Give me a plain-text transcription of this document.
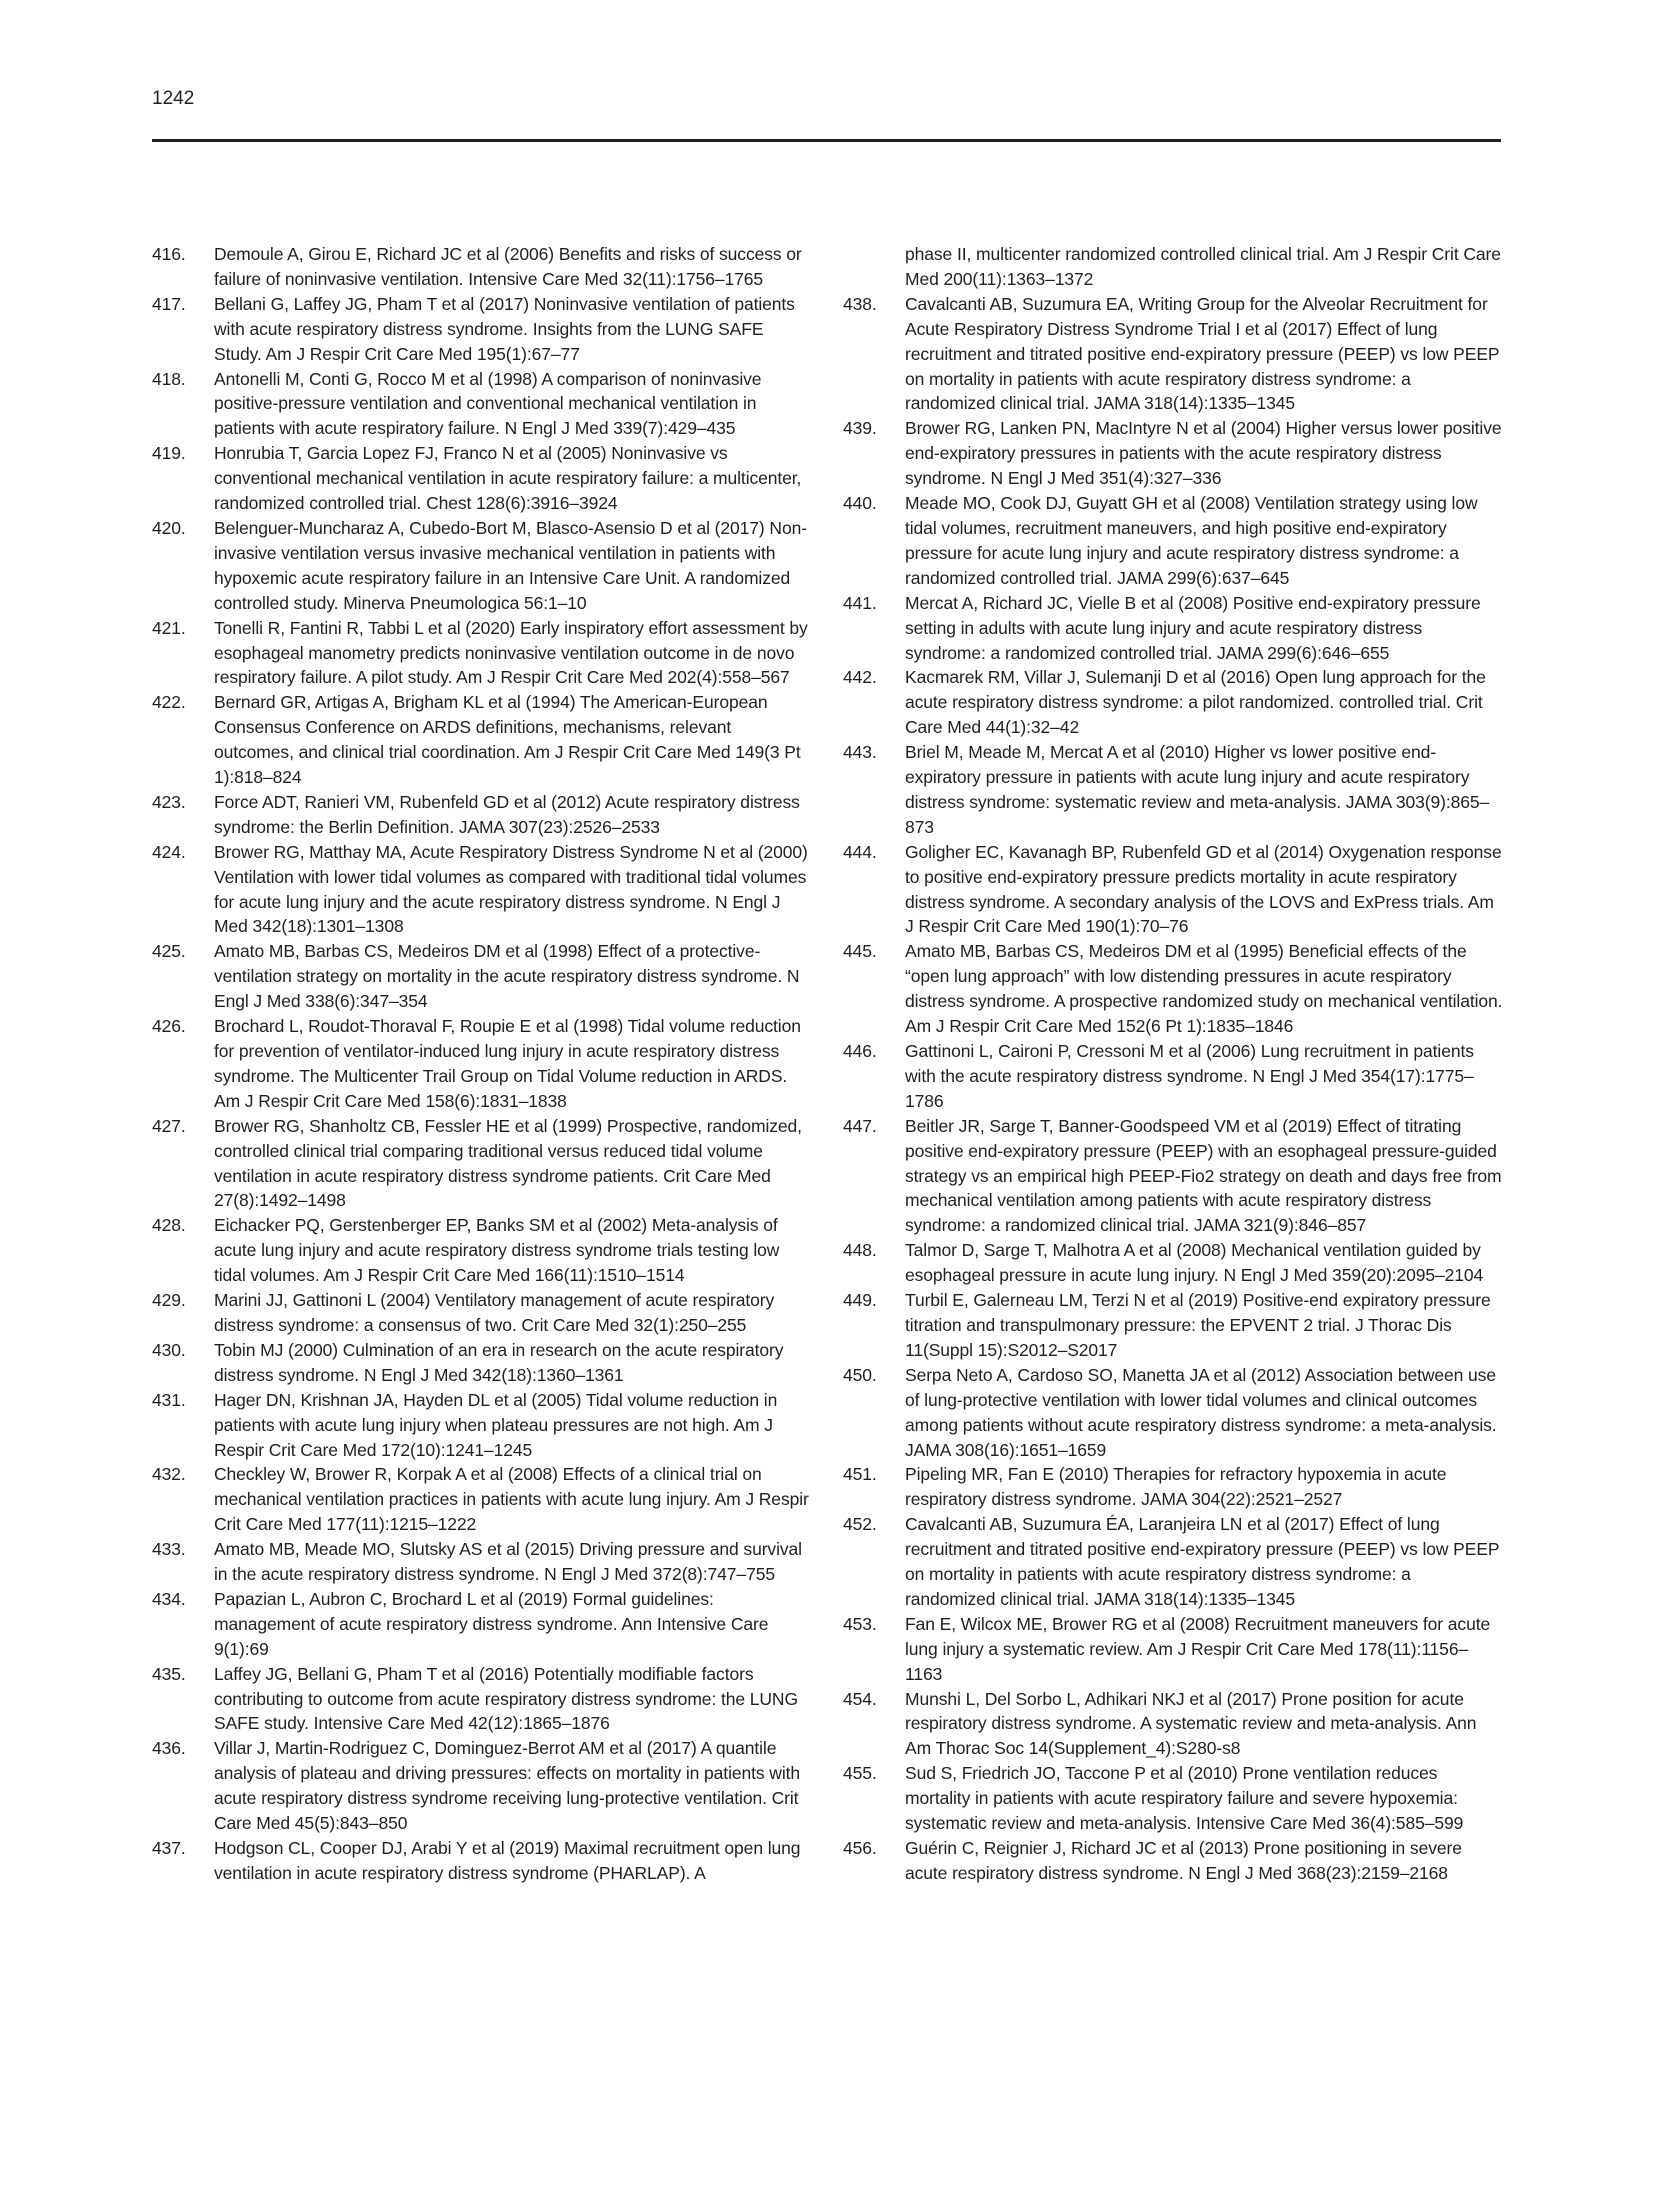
1242
416.	Demoule A, Girou E, Richard JC et al (2006) Benefits and risks of success or failure of noninvasive ventilation. Intensive Care Med 32(11):1756–1765
417.	Bellani G, Laffey JG, Pham T et al (2017) Noninvasive ventilation of patients with acute respiratory distress syndrome. Insights from the LUNG SAFE Study. Am J Respir Crit Care Med 195(1):67–77
418.	Antonelli M, Conti G, Rocco M et al (1998) A comparison of noninvasive positive-pressure ventilation and conventional mechanical ventilation in patients with acute respiratory failure. N Engl J Med 339(7):429–435
419.	Honrubia T, Garcia Lopez FJ, Franco N et al (2005) Noninvasive vs conventional mechanical ventilation in acute respiratory failure: a multicenter, randomized controlled trial. Chest 128(6):3916–3924
420.	Belenguer-Muncharaz A, Cubedo-Bort M, Blasco-Asensio D et al (2017) Non-invasive ventilation versus invasive mechanical ventilation in patients with hypoxemic acute respiratory failure in an Intensive Care Unit. A randomized controlled study. Minerva Pneumologica 56:1–10
421.	Tonelli R, Fantini R, Tabbi L et al (2020) Early inspiratory effort assessment by esophageal manometry predicts noninvasive ventilation outcome in de novo respiratory failure. A pilot study. Am J Respir Crit Care Med 202(4):558–567
422.	Bernard GR, Artigas A, Brigham KL et al (1994) The American-European Consensus Conference on ARDS definitions, mechanisms, relevant outcomes, and clinical trial coordination. Am J Respir Crit Care Med 149(3 Pt 1):818–824
423.	Force ADT, Ranieri VM, Rubenfeld GD et al (2012) Acute respiratory distress syndrome: the Berlin Definition. JAMA 307(23):2526–2533
424.	Brower RG, Matthay MA, Acute Respiratory Distress Syndrome N et al (2000) Ventilation with lower tidal volumes as compared with traditional tidal volumes for acute lung injury and the acute respiratory distress syndrome. N Engl J Med 342(18):1301–1308
425.	Amato MB, Barbas CS, Medeiros DM et al (1998) Effect of a protective-ventilation strategy on mortality in the acute respiratory distress syndrome. N Engl J Med 338(6):347–354
426.	Brochard L, Roudot-Thoraval F, Roupie E et al (1998) Tidal volume reduction for prevention of ventilator-induced lung injury in acute respiratory distress syndrome. The Multicenter Trail Group on Tidal Volume reduction in ARDS. Am J Respir Crit Care Med 158(6):1831–1838
427.	Brower RG, Shanholtz CB, Fessler HE et al (1999) Prospective, randomized, controlled clinical trial comparing traditional versus reduced tidal volume ventilation in acute respiratory distress syndrome patients. Crit Care Med 27(8):1492–1498
428.	Eichacker PQ, Gerstenberger EP, Banks SM et al (2002) Meta-analysis of acute lung injury and acute respiratory distress syndrome trials testing low tidal volumes. Am J Respir Crit Care Med 166(11):1510–1514
429.	Marini JJ, Gattinoni L (2004) Ventilatory management of acute respiratory distress syndrome: a consensus of two. Crit Care Med 32(1):250–255
430.	Tobin MJ (2000) Culmination of an era in research on the acute respiratory distress syndrome. N Engl J Med 342(18):1360–1361
431.	Hager DN, Krishnan JA, Hayden DL et al (2005) Tidal volume reduction in patients with acute lung injury when plateau pressures are not high. Am J Respir Crit Care Med 172(10):1241–1245
432.	Checkley W, Brower R, Korpak A et al (2008) Effects of a clinical trial on mechanical ventilation practices in patients with acute lung injury. Am J Respir Crit Care Med 177(11):1215–1222
433.	Amato MB, Meade MO, Slutsky AS et al (2015) Driving pressure and survival in the acute respiratory distress syndrome. N Engl J Med 372(8):747–755
434.	Papazian L, Aubron C, Brochard L et al (2019) Formal guidelines: management of acute respiratory distress syndrome. Ann Intensive Care 9(1):69
435.	Laffey JG, Bellani G, Pham T et al (2016) Potentially modifiable factors contributing to outcome from acute respiratory distress syndrome: the LUNG SAFE study. Intensive Care Med 42(12):1865–1876
436.	Villar J, Martin-Rodriguez C, Dominguez-Berrot AM et al (2017) A quantile analysis of plateau and driving pressures: effects on mortality in patients with acute respiratory distress syndrome receiving lung-protective ventilation. Crit Care Med 45(5):843–850
437.	Hodgson CL, Cooper DJ, Arabi Y et al (2019) Maximal recruitment open lung ventilation in acute respiratory distress syndrome (PHARLAP). A
phase II, multicenter randomized controlled clinical trial. Am J Respir Crit Care Med 200(11):1363–1372
438.	Cavalcanti AB, Suzumura EA, Writing Group for the Alveolar Recruitment for Acute Respiratory Distress Syndrome Trial I et al (2017) Effect of lung recruitment and titrated positive end-expiratory pressure (PEEP) vs low PEEP on mortality in patients with acute respiratory distress syndrome: a randomized clinical trial. JAMA 318(14):1335–1345
439.	Brower RG, Lanken PN, MacIntyre N et al (2004) Higher versus lower positive end-expiratory pressures in patients with the acute respiratory distress syndrome. N Engl J Med 351(4):327–336
440.	Meade MO, Cook DJ, Guyatt GH et al (2008) Ventilation strategy using low tidal volumes, recruitment maneuvers, and high positive end-expiratory pressure for acute lung injury and acute respiratory distress syndrome: a randomized controlled trial. JAMA 299(6):637–645
441.	Mercat A, Richard JC, Vielle B et al (2008) Positive end-expiratory pressure setting in adults with acute lung injury and acute respiratory distress syndrome: a randomized controlled trial. JAMA 299(6):646–655
442.	Kacmarek RM, Villar J, Sulemanji D et al (2016) Open lung approach for the acute respiratory distress syndrome: a pilot randomized. controlled trial. Crit Care Med 44(1):32–42
443.	Briel M, Meade M, Mercat A et al (2010) Higher vs lower positive end-expiratory pressure in patients with acute lung injury and acute respiratory distress syndrome: systematic review and meta-analysis. JAMA 303(9):865–873
444.	Goligher EC, Kavanagh BP, Rubenfeld GD et al (2014) Oxygenation response to positive end-expiratory pressure predicts mortality in acute respiratory distress syndrome. A secondary analysis of the LOVS and ExPress trials. Am J Respir Crit Care Med 190(1):70–76
445.	Amato MB, Barbas CS, Medeiros DM et al (1995) Beneficial effects of the “open lung approach” with low distending pressures in acute respiratory distress syndrome. A prospective randomized study on mechanical ventilation. Am J Respir Crit Care Med 152(6 Pt 1):1835–1846
446.	Gattinoni L, Caironi P, Cressoni M et al (2006) Lung recruitment in patients with the acute respiratory distress syndrome. N Engl J Med 354(17):1775–1786
447.	Beitler JR, Sarge T, Banner-Goodspeed VM et al (2019) Effect of titrating positive end-expiratory pressure (PEEP) with an esophageal pressure-guided strategy vs an empirical high PEEP-Fio2 strategy on death and days free from mechanical ventilation among patients with acute respiratory distress syndrome: a randomized clinical trial. JAMA 321(9):846–857
448.	Talmor D, Sarge T, Malhotra A et al (2008) Mechanical ventilation guided by esophageal pressure in acute lung injury. N Engl J Med 359(20):2095–2104
449.	Turbil E, Galerneau LM, Terzi N et al (2019) Positive-end expiratory pressure titration and transpulmonary pressure: the EPVENT 2 trial. J Thorac Dis 11(Suppl 15):S2012–S2017
450.	Serpa Neto A, Cardoso SO, Manetta JA et al (2012) Association between use of lung-protective ventilation with lower tidal volumes and clinical outcomes among patients without acute respiratory distress syndrome: a meta-analysis. JAMA 308(16):1651–1659
451.	Pipeling MR, Fan E (2010) Therapies for refractory hypoxemia in acute respiratory distress syndrome. JAMA 304(22):2521–2527
452.	Cavalcanti AB, Suzumura ÉA, Laranjeira LN et al (2017) Effect of lung recruitment and titrated positive end-expiratory pressure (PEEP) vs low PEEP on mortality in patients with acute respiratory distress syndrome: a randomized clinical trial. JAMA 318(14):1335–1345
453.	Fan E, Wilcox ME, Brower RG et al (2008) Recruitment maneuvers for acute lung injury a systematic review. Am J Respir Crit Care Med 178(11):1156–1163
454.	Munshi L, Del Sorbo L, Adhikari NKJ et al (2017) Prone position for acute respiratory distress syndrome. A systematic review and meta-analysis. Ann Am Thorac Soc 14(Supplement_4):S280-s8
455.	Sud S, Friedrich JO, Taccone P et al (2010) Prone ventilation reduces mortality in patients with acute respiratory failure and severe hypoxemia: systematic review and meta-analysis. Intensive Care Med 36(4):585–599
456.	Guérin C, Reignier J, Richard JC et al (2013) Prone positioning in severe acute respiratory distress syndrome. N Engl J Med 368(23):2159–2168
